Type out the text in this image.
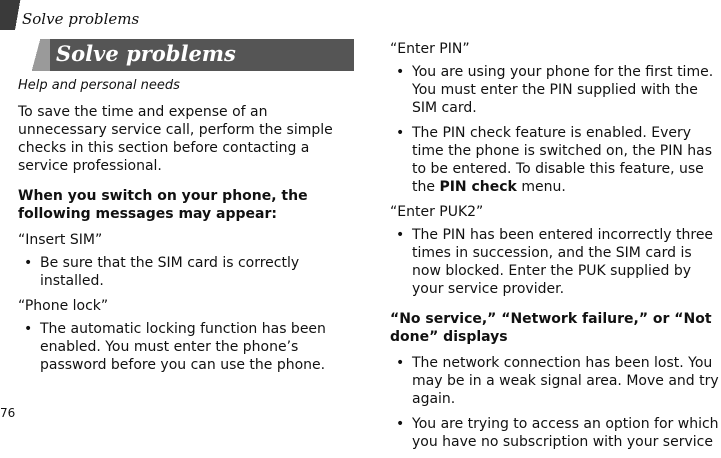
Solve problems
Solve problems
Help and personal needs

To save the time and expense of an unnecessary service call, perform the simple checks in this section before contacting a service professional.

When you switch on your phone, the following messages may appear:

“Insert SIM”

• Be sure that the SIM card is correctly installed.

“Phone lock”

• The automatic locking function has been enabled. You must enter the phone’s password before you can use the phone.

“Enter PIN”

• You are using your phone for the first time. You must enter the PIN supplied with the SIM card.

• The PIN check feature is enabled. Every time the phone is switched on, the PIN has to be entered. To disable this feature, use the PIN check menu.

“Enter PUK2”

• The PIN has been entered incorrectly three times in succession, and the SIM card is now blocked. Enter the PUK supplied by your service provider.

“No service,” “Network failure,” or “Not done” displays

• The network connection has been lost. You may be in a weak signal area. Move and try again.

• You are trying to access an option for which you have no subscription with your service

76
